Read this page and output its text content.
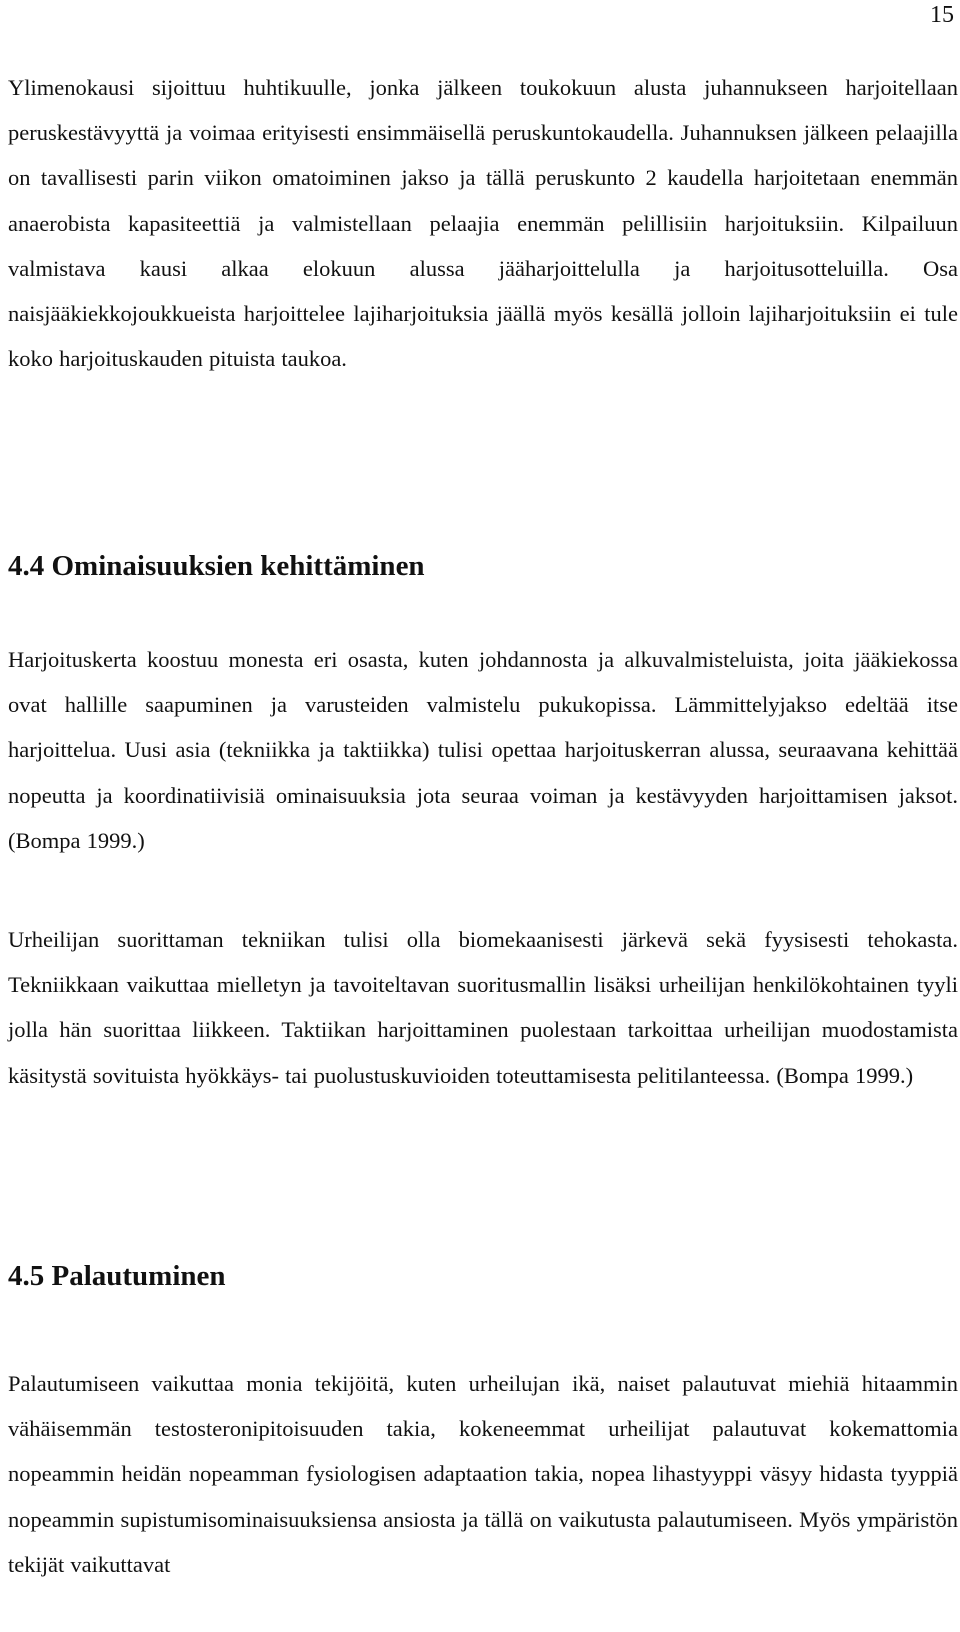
15
Ylimenokausi sijoittuu huhtikuulle, jonka jälkeen toukokuun alusta juhannukseen harjoitellaan peruskestävyyttä ja voimaa erityisesti ensimmäisellä peruskuntokaudella. Juhannuksen jälkeen pelaajilla on tavallisesti parin viikon omatoiminen jakso ja tällä peruskunto 2 kaudella harjoitetaan enemmän anaerobista kapasiteettiä ja valmistellaan pelaajia enemmän pelillisiin harjoituksiin. Kilpailuun valmistava kausi alkaa elokuun alussa jääharjoittelulla ja harjoitusotteluilla. Osa naisjääkiekkojoukkueista harjoittelee lajiharjoituksia jäällä myös kesällä jolloin lajiharjoituksiin ei tule koko harjoituskauden pituista taukoa.
4.4 Ominaisuuksien kehittäminen
Harjoituskerta koostuu monesta eri osasta, kuten johdannosta ja alkuvalmisteluista, joita jääkiekossa ovat hallille saapuminen ja varusteiden valmistelu pukukopissa. Lämmittelyjakso edeltää itse harjoittelua. Uusi asia (tekniikka ja taktiikka) tulisi opettaa harjoituskerran alussa, seuraavana kehittää nopeutta ja koordinatiivisiä ominaisuuksia jota seuraa voiman ja kestävyyden harjoittamisen jaksot. (Bompa 1999.)
Urheilijan suorittaman tekniikan tulisi olla biomekaanisesti järkevä sekä fyysisesti tehokasta. Tekniikkaan vaikuttaa mielletyn ja tavoiteltavan suoritusmallin lisäksi urheilijan henkilökohtainen tyyli jolla hän suorittaa liikkeen. Taktiikan harjoittaminen puolestaan tarkoittaa urheilijan muodostamista käsitystä sovituista hyökkäys- tai puolustuskuvioiden toteuttamisesta pelitilanteessa. (Bompa 1999.)
4.5 Palautuminen
Palautumiseen vaikuttaa monia tekijöitä, kuten urheilujan ikä, naiset palautuvat miehiä hitaammin vähäisemmän testosteronipitoisuuden takia, kokeneemmat urheilijat palautuvat kokemattomia nopeammin heidän nopeamman fysiologisen adaptaation takia, nopea lihastyyppi väsyy hidasta tyyppiä nopeammin supistumisominaisuuksiensa ansiosta ja tällä on vaikutusta palautumiseen. Myös ympäristön tekijät vaikuttavat
